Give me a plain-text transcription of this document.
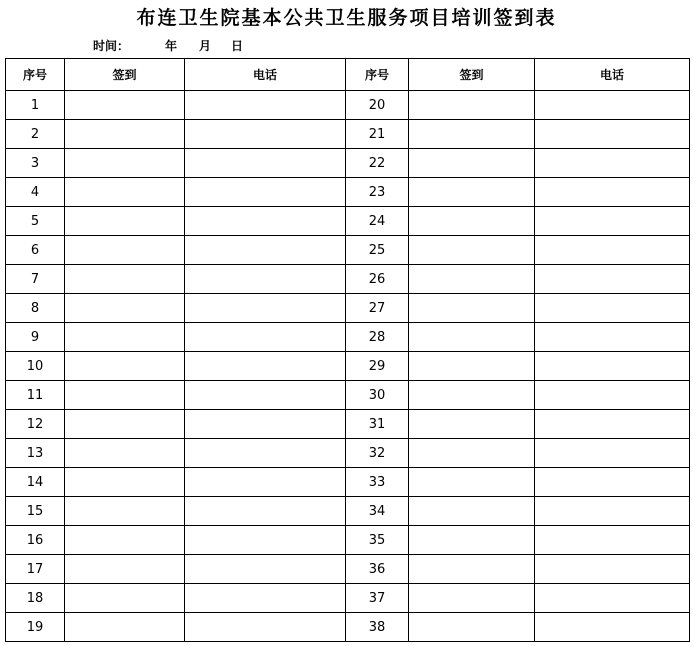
布连卫生院基本公共卫生服务项目培训签到表
时间：	年 月 日
序号	签到	电话	序号	签到	电话
1			20		
2			21		
3			22		
4			23		
5			24		
6			25		
7			26		
8			27		
9			28		
10			29		
11			30		
12			31		
13			32		
14			33		
15			34		
16			35		
17			36		
18			37		
19			38		
